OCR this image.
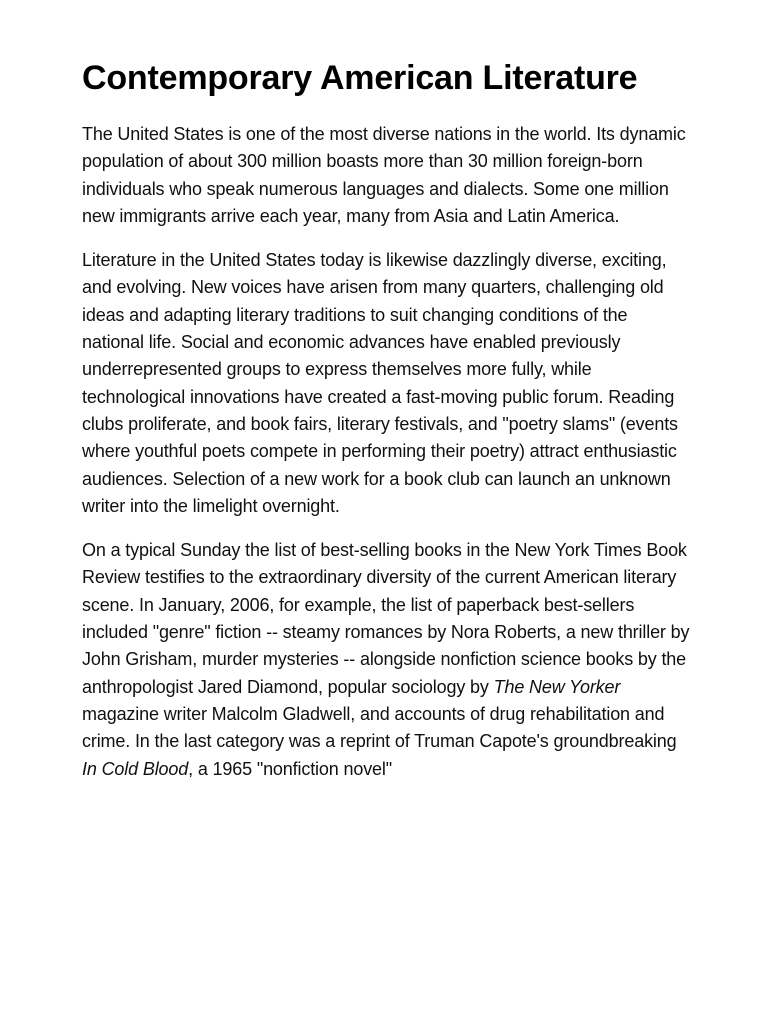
Contemporary American Literature

The United States is one of the most diverse nations in the world. Its dynamic population of about 300 million boasts more than 30 million foreign-born individuals who speak numerous languages and dialects. Some one million new immigrants arrive each year, many from Asia and Latin America.

Literature in the United States today is likewise dazzlingly diverse, exciting, and evolving. New voices have arisen from many quarters, challenging old ideas and adapting literary traditions to suit changing conditions of the national life. Social and economic advances have enabled previously underrepresented groups to express themselves more fully, while technological innovations have created a fast-moving public forum. Reading clubs proliferate, and book fairs, literary festivals, and "poetry slams" (events where youthful poets compete in performing their poetry) attract enthusiastic audiences. Selection of a new work for a book club can launch an unknown writer into the limelight overnight.

On a typical Sunday the list of best-selling books in the New York Times Book Review testifies to the extraordinary diversity of the current American literary scene. In January, 2006, for example, the list of paperback best-sellers included "genre" fiction -- steamy romances by Nora Roberts, a new thriller by John Grisham, murder mysteries -- alongside nonfiction science books by the anthropologist Jared Diamond, popular sociology by The New Yorker magazine writer Malcolm Gladwell, and accounts of drug rehabilitation and crime. In the last category was a reprint of Truman Capote's groundbreaking In Cold Blood, a 1965 "nonfiction novel"
